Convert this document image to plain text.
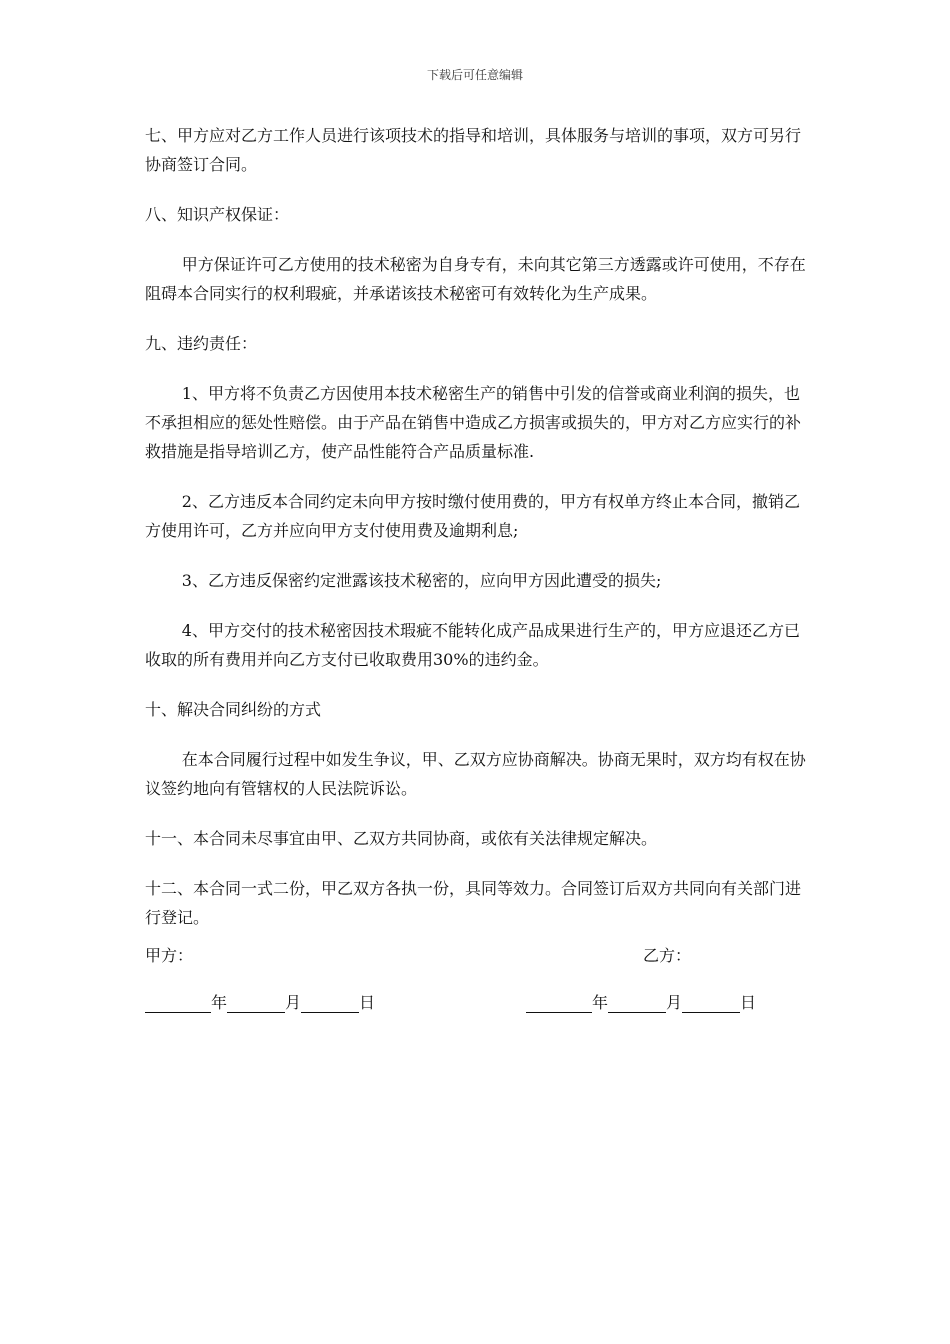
下载后可任意编辑

七、甲方应对乙方工作人员进行该项技术的指导和培训，具体服务与培训的事项，双方可另行协商签订合同。

八、知识产权保证：

甲方保证许可乙方使用的技术秘密为自身专有，未向其它第三方透露或许可使用，不存在阻碍本合同实行的权利瑕疵，并承诺该技术秘密可有效转化为生产成果。

九、违约责任：

1、甲方将不负责乙方因使用本技术秘密生产的销售中引发的信誉或商业利润的损失，也不承担相应的惩处性赔偿。由于产品在销售中造成乙方损害或损失的，甲方对乙方应实行的补救措施是指导培训乙方，使产品性能符合产品质量标准.

2、乙方违反本合同约定未向甲方按时缴付使用费的，甲方有权单方终止本合同，撤销乙方使用许可，乙方并应向甲方支付使用费及逾期利息;

3、乙方违反保密约定泄露该技术秘密的，应向甲方因此遭受的损失;

4、甲方交付的技术秘密因技术瑕疵不能转化成产品成果进行生产的，甲方应退还乙方已收取的所有费用并向乙方支付已收取费用30%的违约金。

十、解决合同纠纷的方式

在本合同履行过程中如发生争议，甲、乙双方应协商解决。协商无果时，双方均有权在协议签约地向有管辖权的人民法院诉讼。

十一、本合同未尽事宜由甲、乙双方共同协商，或依有关法律规定解决。

十二、本合同一式二份，甲乙双方各执一份，具同等效力。合同签订后双方共同向有关部门进行登记。

甲方：	乙方：
年	月	日	年	月	日
